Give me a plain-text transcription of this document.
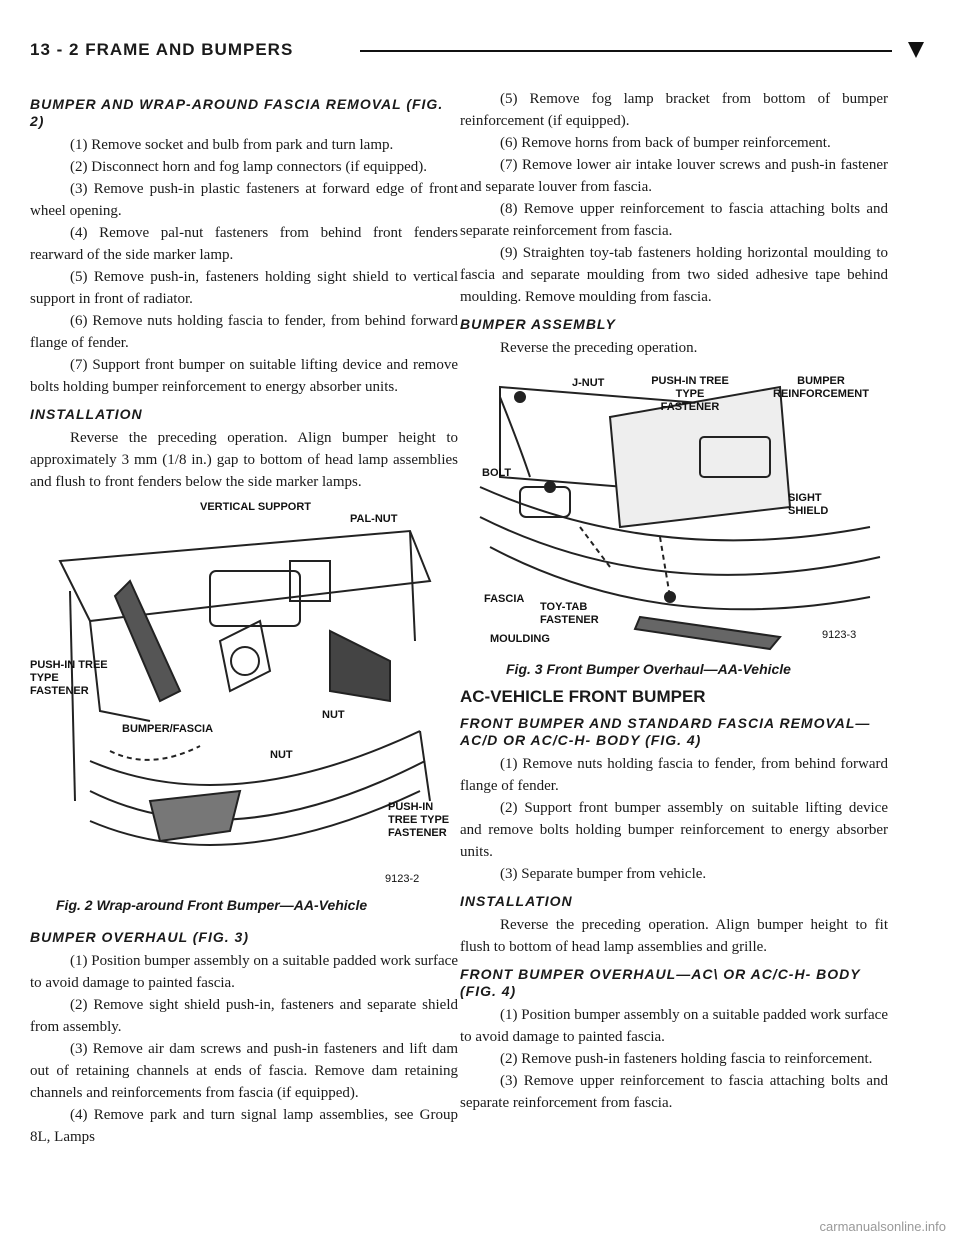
13 - 2 FRAME AND BUMPERS
BUMPER AND WRAP-AROUND FASCIA REMOVAL (FIG. 2)

(1) Remove socket and bulb from park and turn lamp.

(2) Disconnect horn and fog lamp connectors (if equipped).

(3) Remove push-in plastic fasteners at forward edge of front wheel opening.

(4) Remove pal-nut fasteners from behind front fenders rearward of the side marker lamp.

(5) Remove push-in, fasteners holding sight shield to vertical support in front of radiator.

(6) Remove nuts holding fascia to fender, from behind forward flange of fender.

(7) Support front bumper on suitable lifting device and remove bolts holding bumper reinforcement to energy absorber units.

INSTALLATION

Reverse the preceding operation. Align bumper height to approximately 3 mm (1/8 in.) gap to bottom of head lamp assemblies and flush to front fenders below the side marker lamps.

VERTICAL SUPPORT
PAL-NUT
PUSH-IN TREE TYPE FASTENER
BUMPER/FASCIA
NUT
NUT
PUSH-IN TREE TYPE FASTENER
9123-2
Fig. 2 Wrap-around Front Bumper—AA-Vehicle
BUMPER OVERHAUL (FIG. 3)

(1) Position bumper assembly on a suitable padded work surface to avoid damage to painted fascia.

(2) Remove sight shield push-in, fasteners and separate shield from assembly.

(3) Remove air dam screws and push-in fasteners and lift dam out of retaining channels at ends of fascia. Remove dam retaining channels and reinforcements from fascia (if equipped).

(4) Remove park and turn signal lamp assemblies, see Group 8L, Lamps

(5) Remove fog lamp bracket from bottom of bumper reinforcement (if equipped).

(6) Remove horns from back of bumper reinforcement.

(7) Remove lower air intake louver screws and push-in fastener and separate louver from fascia.

(8) Remove upper reinforcement to fascia attaching bolts and separate reinforcement from fascia.

(9) Straighten toy-tab fasteners holding horizontal moulding to fascia and separate moulding from two sided adhesive tape behind moulding. Remove moulding from fascia.

BUMPER ASSEMBLY

Reverse the preceding operation.

J-NUT	PUSH-IN TREE TYPE FASTENER
BUMPER REINFORCEMENT
BOLT
SIGHT SHIELD
FASCIA
TOY-TAB FASTENER
MOULDING	9123-3
Fig. 3 Front Bumper Overhaul—AA-Vehicle
AC-VEHICLE FRONT BUMPER
FRONT BUMPER AND STANDARD FASCIA REMOVAL—AC/D OR AC/C-H- BODY (FIG. 4)

(1) Remove nuts holding fascia to fender, from behind forward flange of fender.

(2) Support front bumper assembly on suitable lifting device and remove bolts holding bumper reinforcement to energy absorber units.

(3) Separate bumper from vehicle.

INSTALLATION

Reverse the preceding operation. Align bumper height to fit flush to bottom of head lamp assemblies and grille.

FRONT BUMPER OVERHAUL—AC\ OR AC/C-H- BODY (FIG. 4)

(1) Position bumper assembly on a suitable padded work surface to avoid damage to painted fascia.

(2) Remove push-in fasteners holding fascia to reinforcement.

(3) Remove upper reinforcement to fascia attaching bolts and separate reinforcement from fascia.

carmanualsonline.info
